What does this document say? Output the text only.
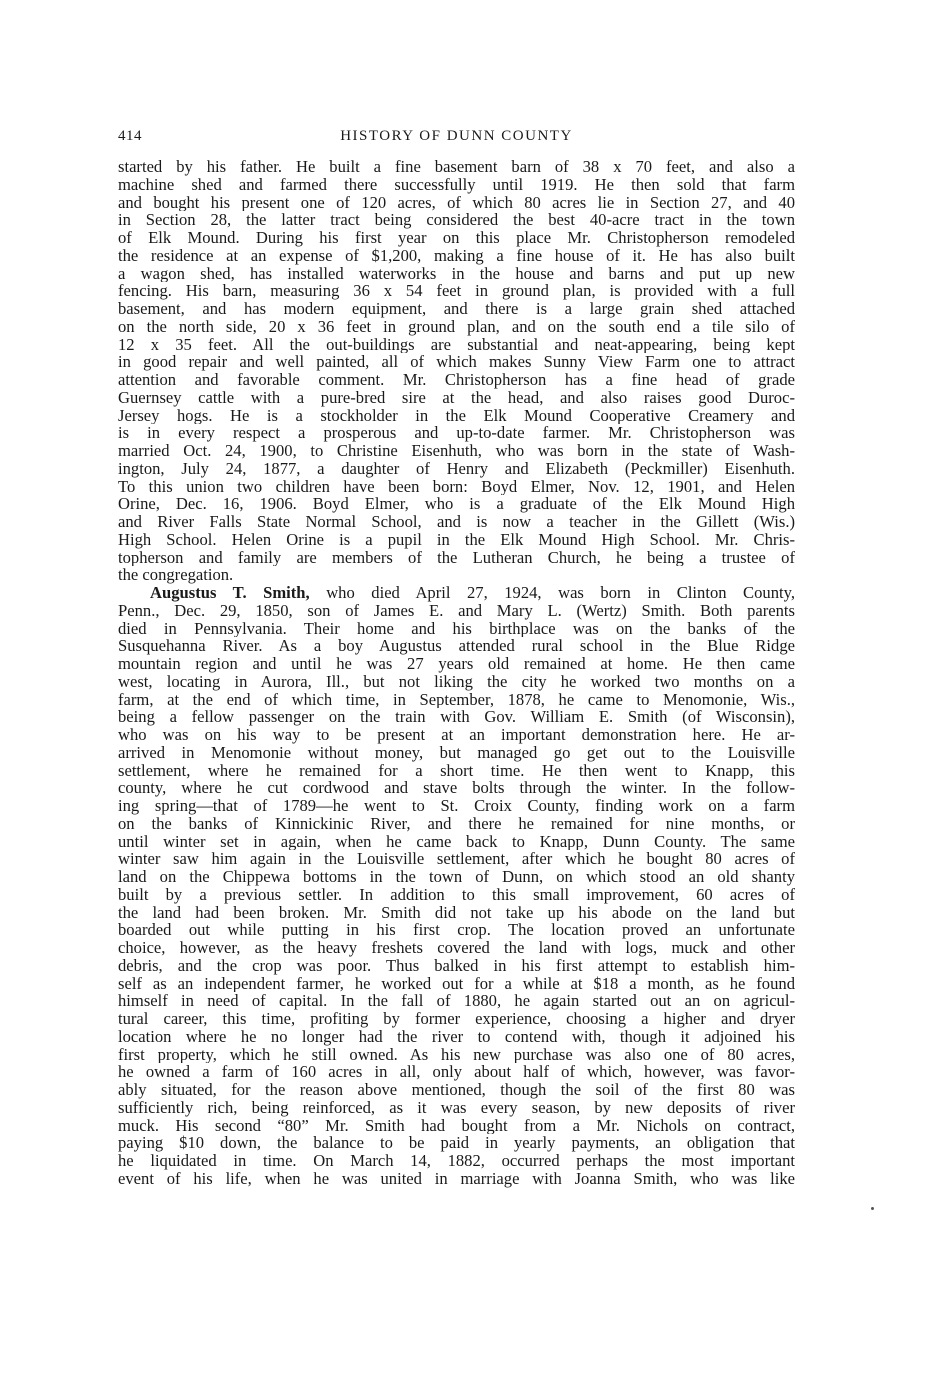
414	HISTORY OF DUNN COUNTY
started by his father. He built a fine basement barn of 38 x 70 feet, and also a
machine shed and farmed there successfully until 1919. He then sold that farm
and bought his present one of 120 acres, of which 80 acres lie in Section 27, and 40
in Section 28, the latter tract being considered the best 40-acre tract in the town
of Elk Mound. During his first year on this place Mr. Christopherson remodeled
the residence at an expense of $1,200, making a fine house of it. He has also built
a wagon shed, has installed waterworks in the house and barns and put up new
fencing. His barn, measuring 36 x 54 feet in ground plan, is provided with a full
basement, and has modern equipment, and there is a large grain shed attached
on the north side, 20 x 36 feet in ground plan, and on the south end a tile silo of
12 x 35 feet. All the out-buildings are substantial and neat-appearing, being kept
in good repair and well painted, all of which makes Sunny View Farm one to attract
attention and favorable comment. Mr. Christopherson has a fine head of grade
Guernsey cattle with a pure-bred sire at the head, and also raises good Duroc-
Jersey hogs. He is a stockholder in the Elk Mound Cooperative Creamery and
is in every respect a prosperous and up-to-date farmer. Mr. Christopherson was
married Oct. 24, 1900, to Christine Eisenhuth, who was born in the state of Wash-
ington, July 24, 1877, a daughter of Henry and Elizabeth (Peckmiller) Eisenhuth.
To this union two children have been born: Boyd Elmer, Nov. 12, 1901, and Helen
Orine, Dec. 16, 1906. Boyd Elmer, who is a graduate of the Elk Mound High
and River Falls State Normal School, and is now a teacher in the Gillett (Wis.)
High School. Helen Orine is a pupil in the Elk Mound High School. Mr. Chris-
topherson and family are members of the Lutheran Church, he being a trustee of
the congregation.
Augustus T. Smith, who died April 27, 1924, was born in Clinton County,
Penn., Dec. 29, 1850, son of James E. and Mary L. (Wertz) Smith. Both parents
died in Pennsylvania. Their home and his birthplace was on the banks of the
Susquehanna River. As a boy Augustus attended rural school in the Blue Ridge
mountain region and until he was 27 years old remained at home. He then came
west, locating in Aurora, Ill., but not liking the city he worked two months on a
farm, at the end of which time, in September, 1878, he came to Menomonie, Wis.,
being a fellow passenger on the train with Gov. William E. Smith (of Wisconsin),
who was on his way to be present at an important demonstration here. He ar-
arrived in Menomonie without money, but managed go get out to the Louisville
settlement, where he remained for a short time. He then went to Knapp, this
county, where he cut cordwood and stave bolts through the winter. In the follow-
ing spring—that of 1789—he went to St. Croix County, finding work on a farm
on the banks of Kinnickinic River, and there he remained for nine months, or
until winter set in again, when he came back to Knapp, Dunn County. The same
winter saw him again in the Louisville settlement, after which he bought 80 acres of
land on the Chippewa bottoms in the town of Dunn, on which stood an old shanty
built by a previous settler. In addition to this small improvement, 60 acres of
the land had been broken. Mr. Smith did not take up his abode on the land but
boarded out while putting in his first crop. The location proved an unfortunate
choice, however, as the heavy freshets covered the land with logs, muck and other
debris, and the crop was poor. Thus balked in his first attempt to establish him-
self as an independent farmer, he worked out for a while at $18 a month, as he found
himself in need of capital. In the fall of 1880, he again started out an on agricul-
tural career, this time, profiting by former experience, choosing a higher and dryer
location where he no longer had the river to contend with, though it adjoined his
first property, which he still owned. As his new purchase was also one of 80 acres,
he owned a farm of 160 acres in all, only about half of which, however, was favor-
ably situated, for the reason above mentioned, though the soil of the first 80 was
sufficiently rich, being reinforced, as it was every season, by new deposits of river
muck. His second “80” Mr. Smith had bought from a Mr. Nichols on contract,
paying $10 down, the balance to be paid in yearly payments, an obligation that
he liquidated in time. On March 14, 1882, occurred perhaps the most important
event of his life, when he was united in marriage with Joanna Smith, who was like
